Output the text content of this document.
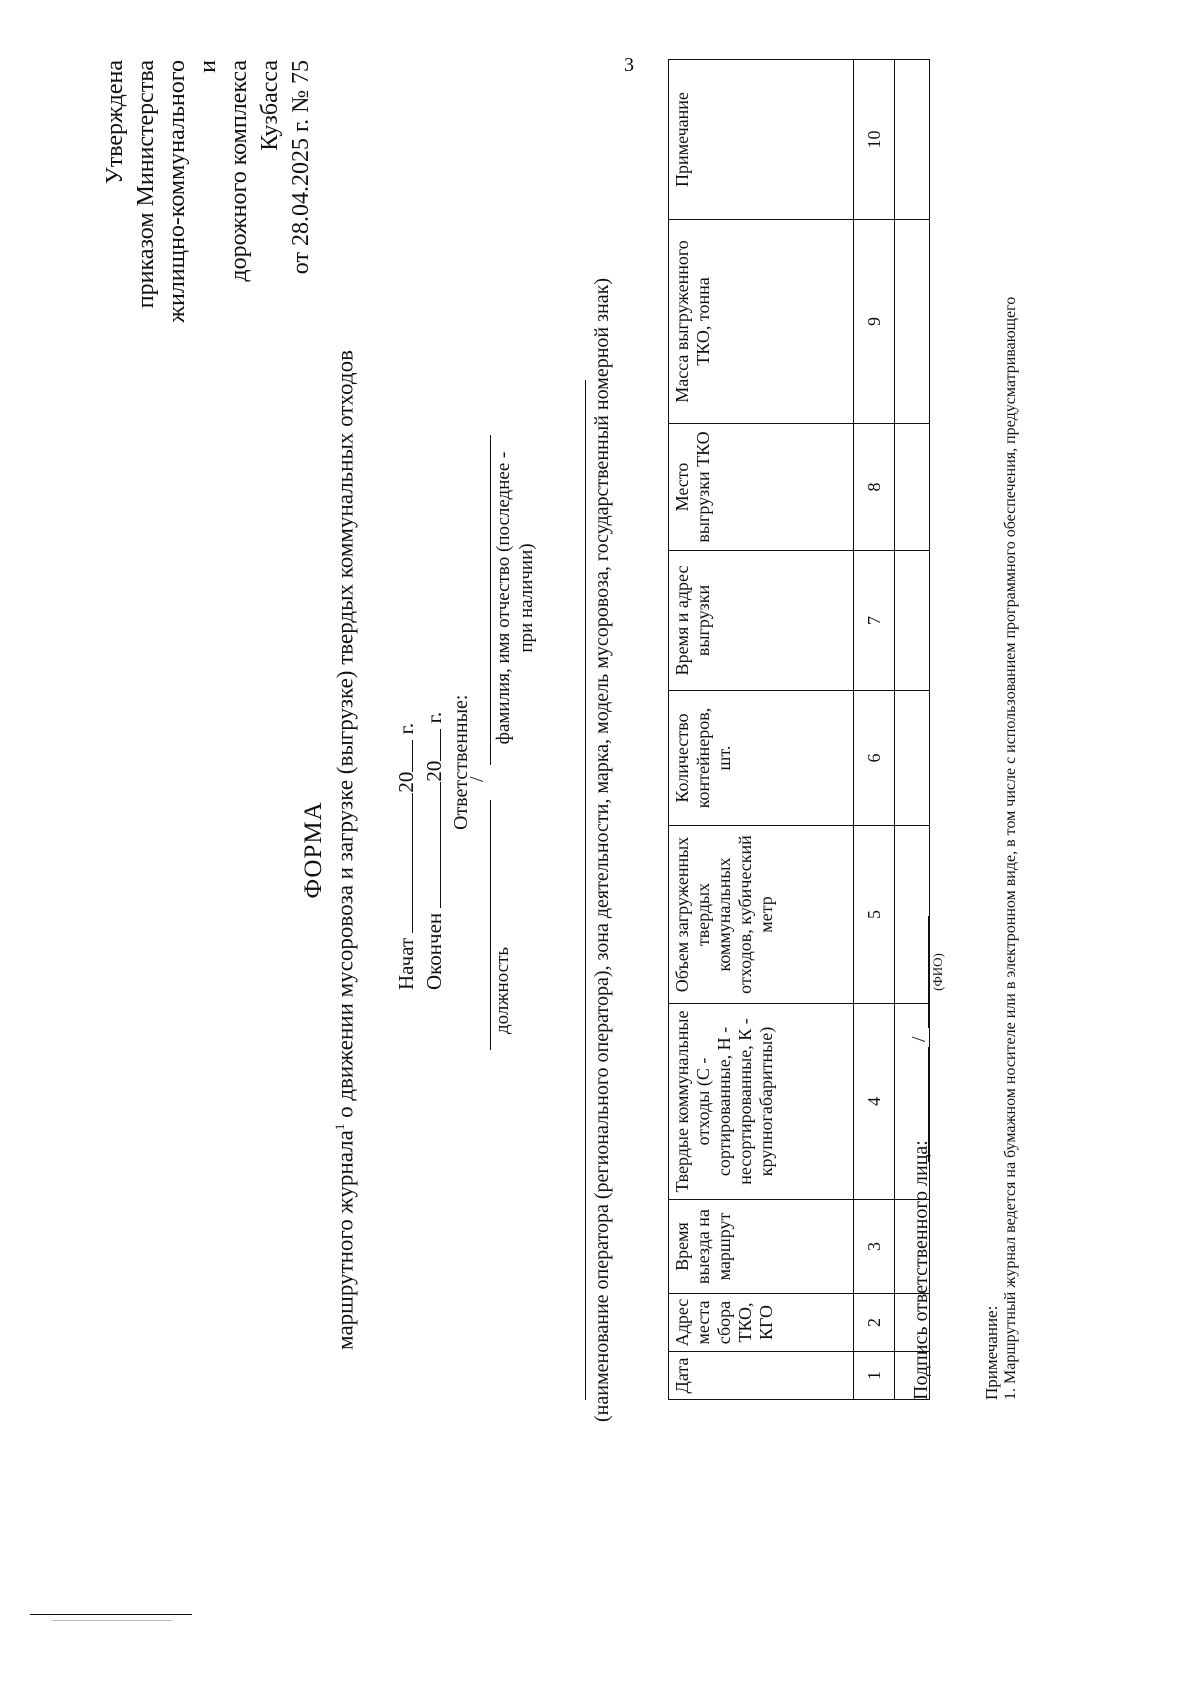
3
Утверждена приказом Министерства жилищно-коммунального и дорожного комплекса Кузбасса от 28.04.2025 г. № 75
ФОРМА
маршрутного журнала$^1$ о движении мусоровоза и загрузке (выгрузке) твердых коммунальных отходов Начат 20 г.
Окончен 20 г. Ответственные:
/
должность
фамилия, имя отчество (последнее - при наличии)	(наименование оператора (регионального оператора), зона деятельности, марка, модель мусоровоза, государственный номерной знак)	Дата	Адрес места сбора ТКО, КГО	Время выезда на маршрут	Твердые коммунальные отходы (С - сортированные, Н - несортированные, К - крупногабаритные)	Объем загруженных твердых коммунальных отходов, кубический метр	Количество контейнеров, шт.	Время и адрес выгрузки	Место выгрузки ТКО	Масса выгруженного ТКО, тонна	Примечание
1	2	3	4	5	6	7	8	9	10

Подпись ответственного лица:
/
(ФИО)
Примечание: 1. Маршрутный журнал ведется на бумажном носителе или в электронном виде, в том числе с использованием программного обеспечения, предусматривающего
